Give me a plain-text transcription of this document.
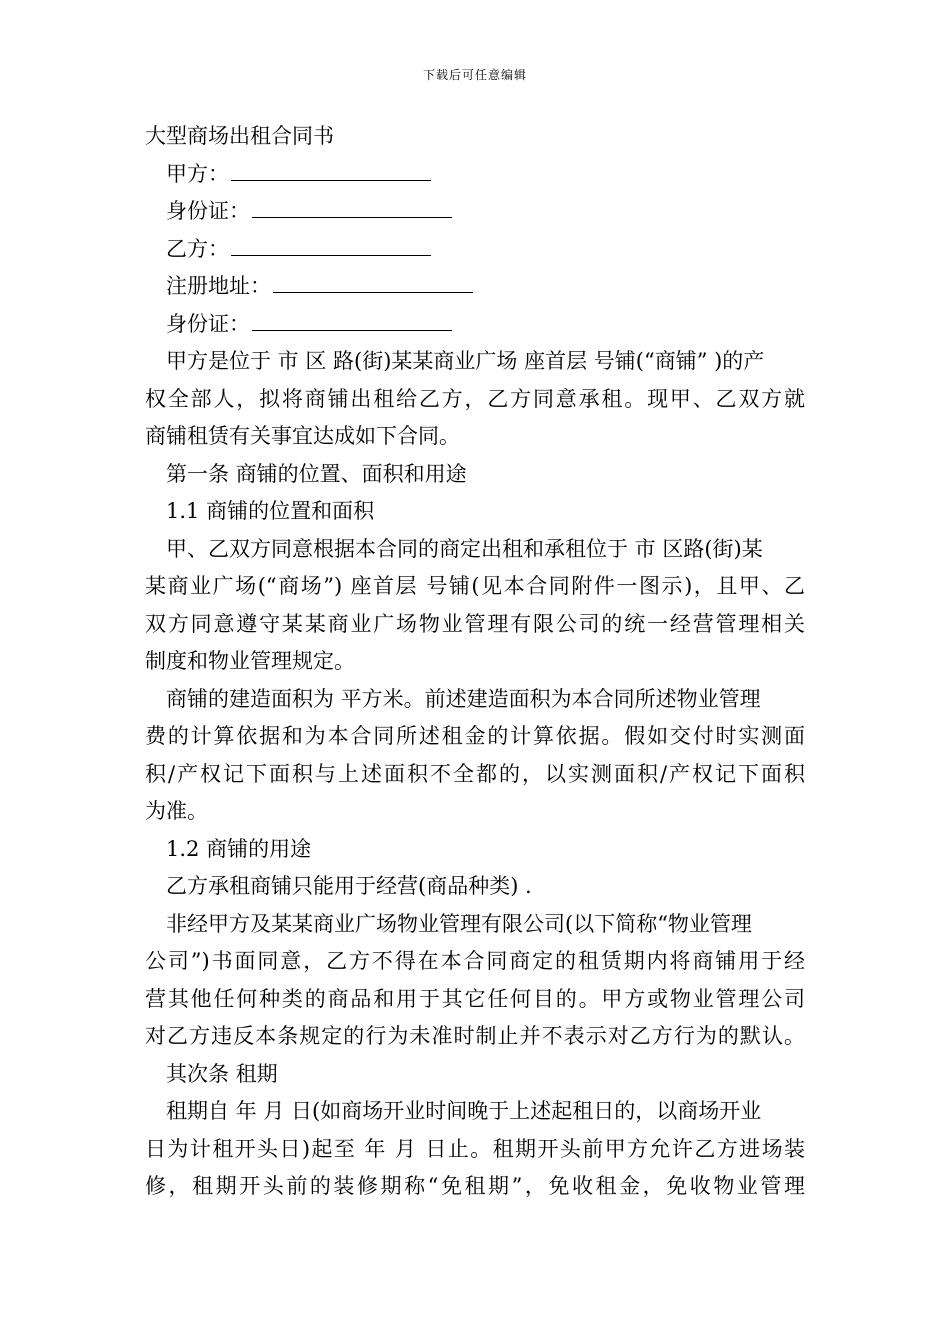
下载后可任意编辑
大型商场出租合同书
甲方：
身份证：
乙方：
注册地址：
身份证：
甲方是位于 市 区 路(街)某某商业广场 座首层 号铺(“商铺” )的产
权全部人，拟将商铺出租给乙方，乙方同意承租。现甲、乙双方就
商铺租赁有关事宜达成如下合同。
第一条 商铺的位置、面积和用途
1.1 商铺的位置和面积
甲、乙双方同意根据本合同的商定出租和承租位于 市 区路(街)某
某商业广场(“商场”) 座首层 号铺(见本合同附件一图示)，且甲、乙
双方同意遵守某某商业广场物业管理有限公司的统一经营管理相关
制度和物业管理规定。
商铺的建造面积为 平方米。前述建造面积为本合同所述物业管理
费的计算依据和为本合同所述租金的计算依据。假如交付时实测面
积/产权记下面积与上述面积不全都的，以实测面积/产权记下面积
为准。
1.2 商铺的用途
乙方承租商铺只能用于经营(商品种类) .
非经甲方及某某商业广场物业管理有限公司(以下简称“物业管理
公司”)书面同意，乙方不得在本合同商定的租赁期内将商铺用于经
营其他任何种类的商品和用于其它任何目的。甲方或物业管理公司
对乙方违反本条规定的行为未准时制止并不表示对乙方行为的默认。
其次条 租期
租期自 年 月 日(如商场开业时间晚于上述起租日的，以商场开业
日为计租开头日)起至 年 月 日止。租期开头前甲方允许乙方进场装
修，租期开头前的装修期称“免租期”，免收租金，免收物业管理
